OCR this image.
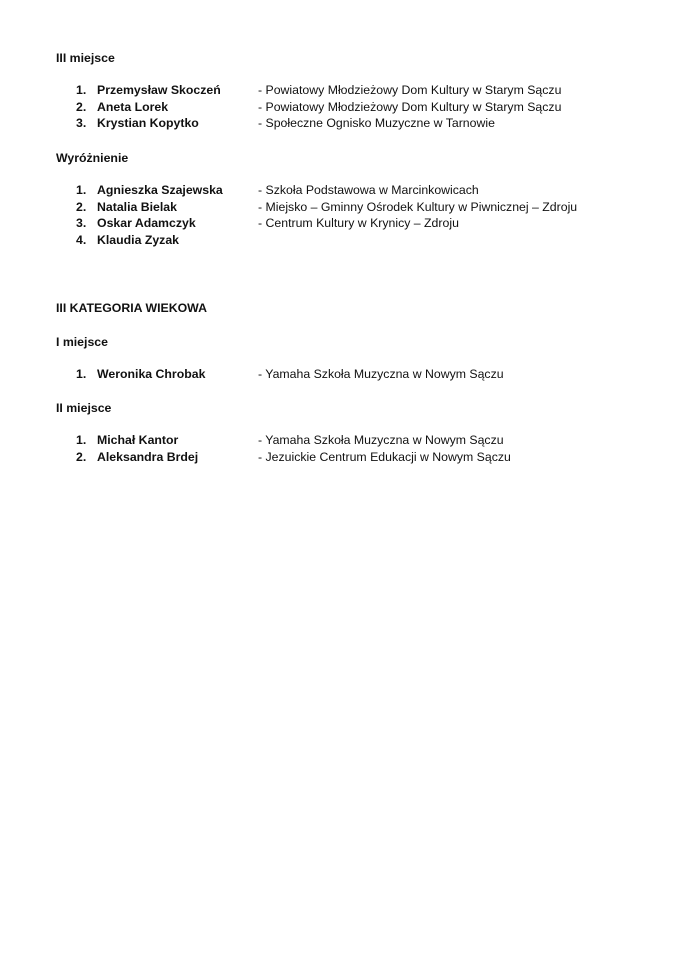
III miejsce
1. Przemysław Skoczeń	- Powiatowy Młodzieżowy Dom Kultury w Starym Sączu
2. Aneta Lorek	- Powiatowy Młodzieżowy Dom Kultury w Starym Sączu
3. Krystian Kopytko	- Społeczne Ognisko Muzyczne w Tarnowie
Wyróżnienie
1. Agnieszka Szajewska	- Szkoła Podstawowa w Marcinkowicach
2. Natalia Bielak	- Miejsko – Gminny Ośrodek Kultury w Piwnicznej – Zdroju
3. Oskar Adamczyk	- Centrum Kultury w Krynicy – Zdroju
4. Klaudia Zyzak
III KATEGORIA WIEKOWA
I miejsce
1. Weronika Chrobak	- Yamaha Szkoła Muzyczna w Nowym Sączu
II miejsce
1. Michał Kantor	- Yamaha Szkoła Muzyczna w Nowym Sączu
2. Aleksandra Brdej	- Jezuickie Centrum Edukacji w Nowym Sączu
